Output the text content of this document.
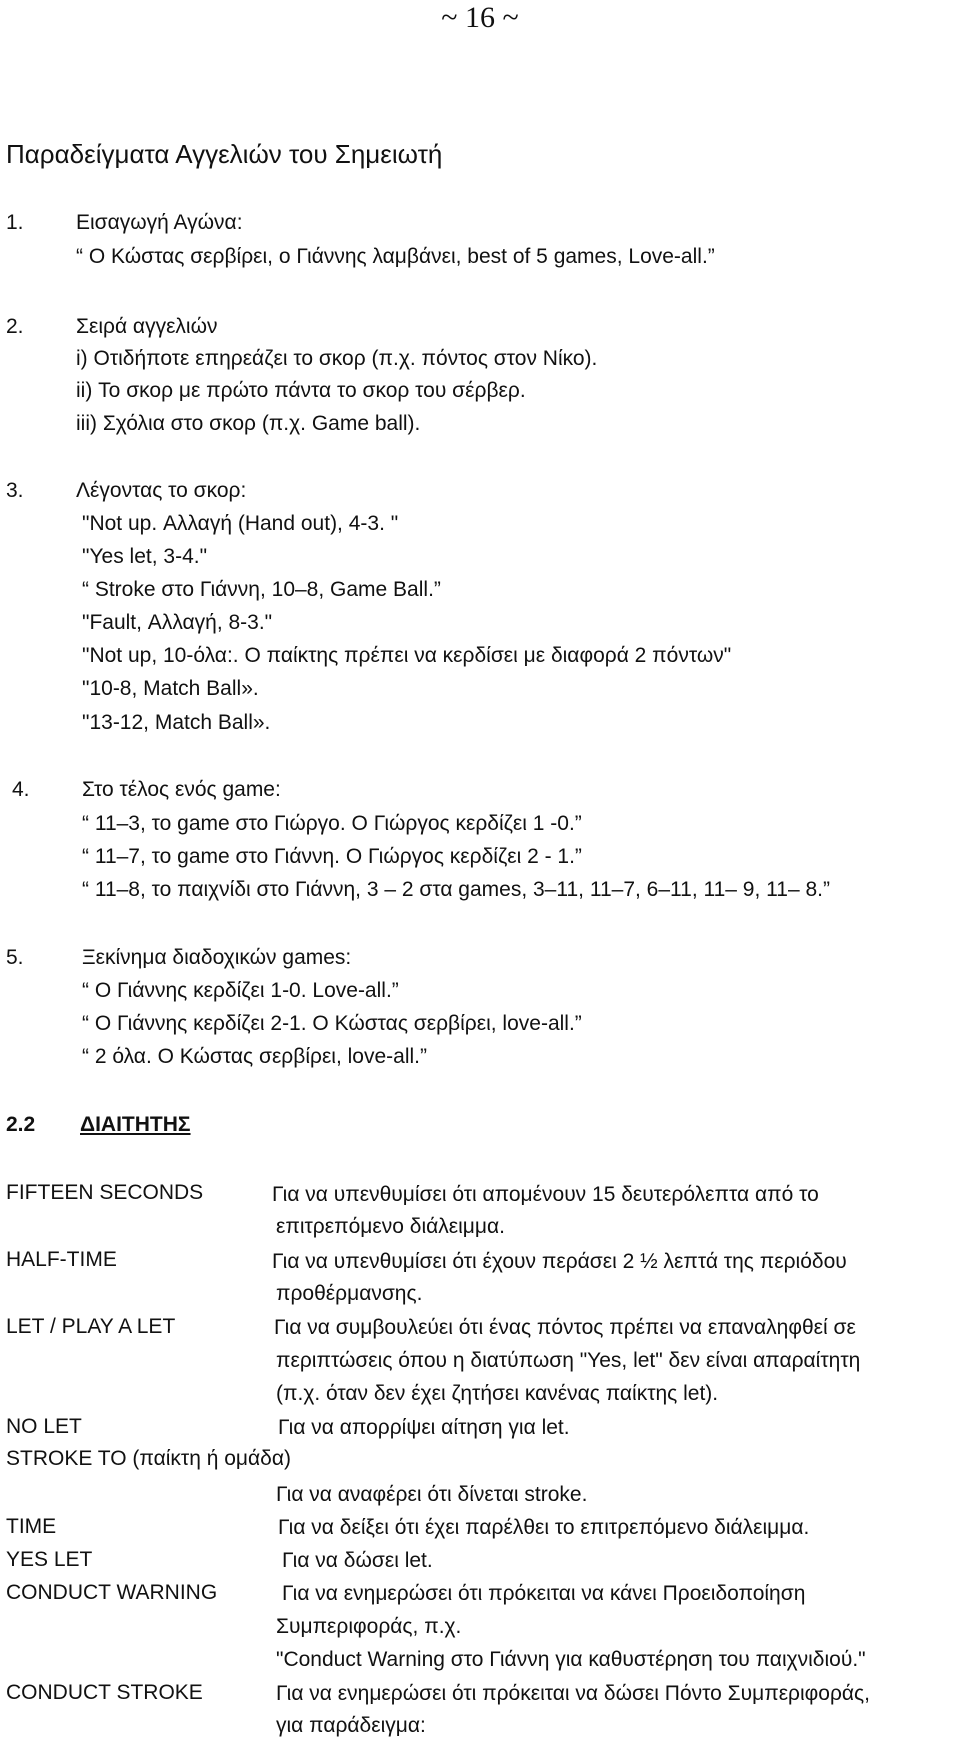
~ 16 ~
Παραδείγματα Αγγελιών του Σημειωτή
1. Εισαγωγή Αγώνα:
“ Ο Κώστας σερβίρει, ο Γιάννης λαμβάνει, best of 5 games, Love-all.”
2. Σειρά αγγελιών
i) Οτιδήποτε επηρεάζει το σκορ (π.χ. πόντος στον Νίκο).
ii) Το σκορ με πρώτο πάντα το σκορ του σέρβερ.
iii) Σχόλια στο σκορ (π.χ. Game ball).
3. Λέγοντας το σκορ:
"Not up. Αλλαγή (Hand out), 4-3. "
"Yes let, 3-4."
“ Stroke στο Γιάννη, 10–8, Game Ball.”
"Fault, Αλλαγή, 8-3."
"Not up, 10-όλα:. Ο παίκτης πρέπει να κερδίσει με διαφορά 2 πόντων"
"10-8, Match Ball».
"13-12, Match Ball».
4. Στο τέλος ενός game:
“ 11–3, το game στο Γιώργο. Ο Γιώργος κερδίζει 1 -0.”
“ 11–7, το game στο Γιάννη. Ο Γιώργος κερδίζει 2 - 1.”
“ 11–8, το παιχνίδι στο Γιάννη, 3 – 2 στα games, 3–11, 11–7, 6–11, 11– 9, 11– 8.”
5.	Ξεκίνημα διαδοχικών games:
“ Ο Γιάννης κερδίζει 1-0. Love-all.”
“ Ο Γιάννης κερδίζει 2-1. Ο Κώστας σερβίρει, love-all.”
“ 2 όλα. Ο Κώστας σερβίρει, love-all.”
2.2 ΔΙΑΙΤΗΤΗΣ
FIFTEEN SECONDS	Για να υπενθυμίσει ότι απομένουν 15 δευτερόλεπτα από το
επιτρεπόμενο διάλειμμα.
HALF-TIME	Για να υπενθυμίσει ότι έχουν περάσει 2 ½ λεπτά της περιόδου
προθέρμανσης.
LET / PLAY A LET	Για να συμβουλεύει ότι ένας πόντος πρέπει να επαναληφθεί σε
περιπτώσεις όπου η διατύπωση "Yes, let" δεν είναι απαραίτητη
(π.χ. όταν δεν έχει ζητήσει κανένας παίκτης let).
NO LET	Για να απορρίψει αίτηση για let.
STROKE TO (παίκτη ή ομάδα)
Για να αναφέρει ότι δίνεται stroke.
TIME	Για να δείξει ότι έχει παρέλθει το επιτρεπόμενο διάλειμμα.
YES LET	Για να δώσει let.
CONDUCT WARNING	Για να ενημερώσει ότι πρόκειται να κάνει Προειδοποίηση
Συμπεριφοράς, π.χ.
"Conduct Warning στο Γιάννη για καθυστέρηση του παιχνιδιού."
CONDUCT STROKE	Για να ενημερώσει ότι πρόκειται να δώσει Πόντο Συμπεριφοράς,
για παράδειγμα:
